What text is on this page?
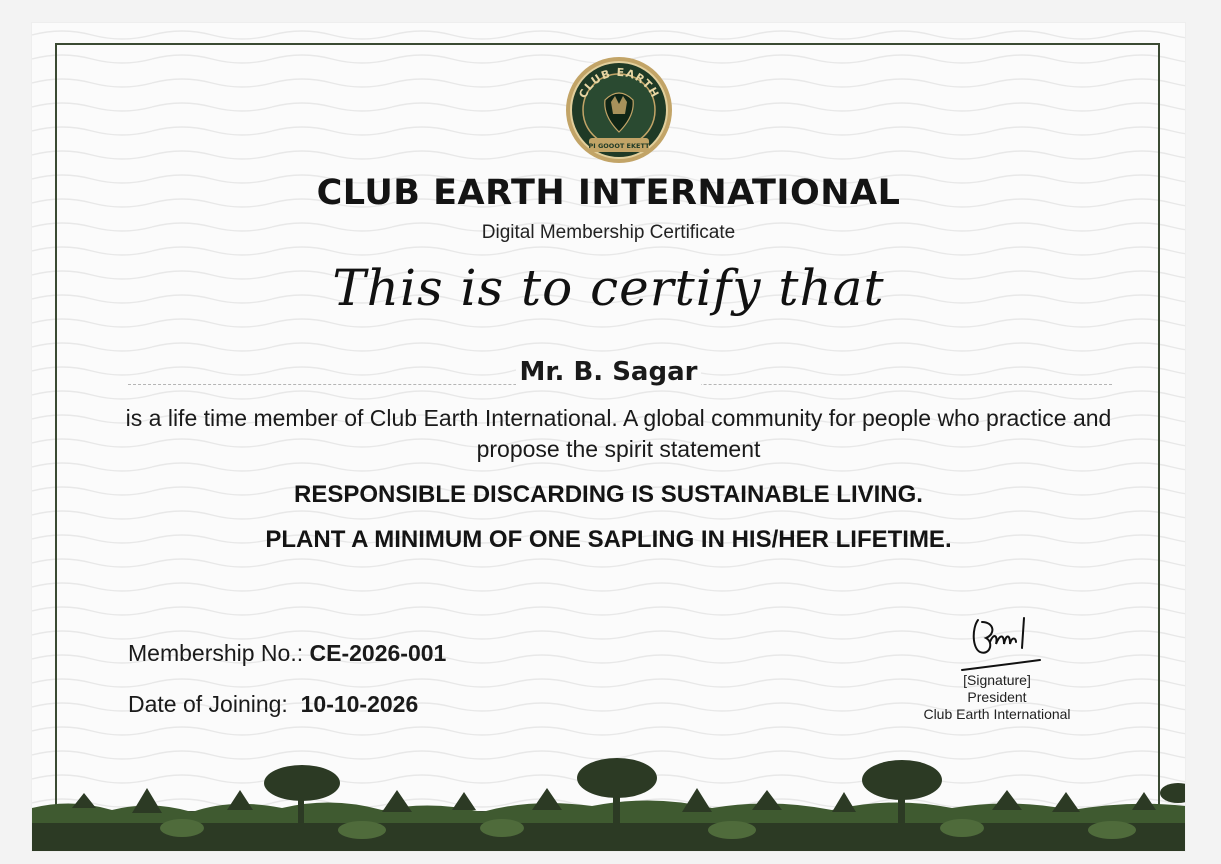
CLUB EARTH
PI GOOOT EKETT
CLUB EARTH INTERNATIONAL
Digital Membership Certificate
This is to certify that
Mr. B. Sagar
is a life time member of Club Earth International. A global community for people who practice and propose the spirit statement
RESPONSIBLE DISCARDING IS SUSTAINABLE LIVING.
PLANT A MINIMUM OF ONE SAPLING IN HIS/HER LIFETIME.
Membership No.: CE-2026-001
Date of Joining: 10-10-2026
[Signature]
President
Club Earth International
